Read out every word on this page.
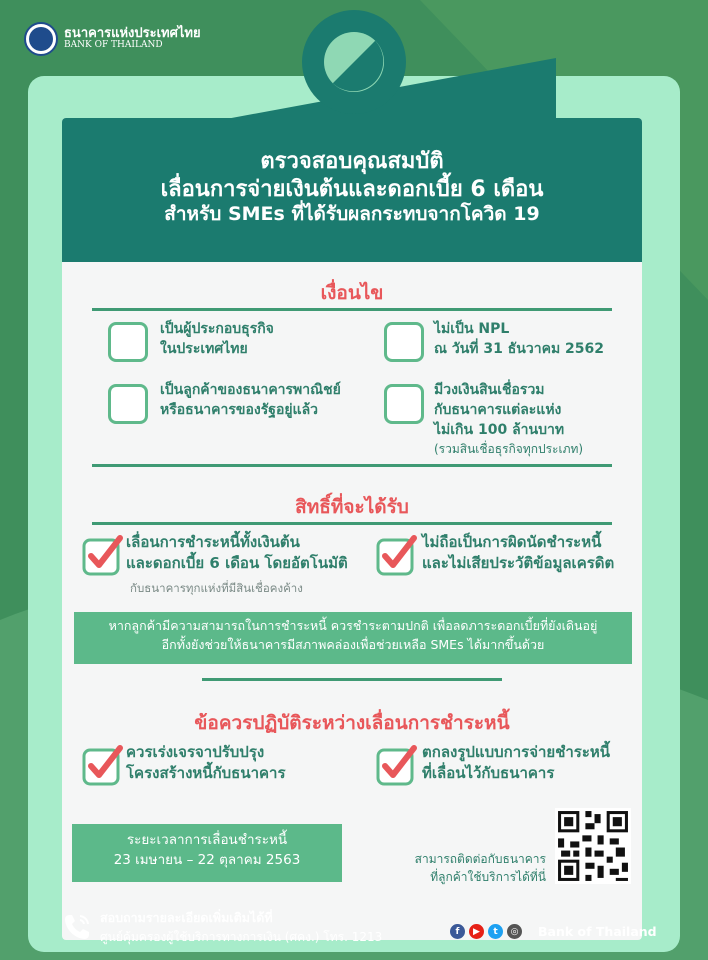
ธนาคารแห่งประเทศไทย
BANK OF THAILAND
ตรวจสอบคุณสมบัติ
เลื่อนการจ่ายเงินต้นและดอกเบี้ย 6 เดือน
สำหรับ SMEs ที่ได้รับผลกระทบจากโควิด 19
เงื่อนไข
เป็นผู้ประกอบธุรกิจ
ในประเทศไทย
ไม่เป็น NPL
ณ วันที่ 31 ธันวาคม 2562
เป็นลูกค้าของธนาคารพาณิชย์
หรือธนาคารของรัฐอยู่แล้ว
มีวงเงินสินเชื่อรวม
กับธนาคารแต่ละแห่ง
ไม่เกิน 100 ล้านบาท
(รวมสินเชื่อธุรกิจทุกประเภท)
สิทธิ์ที่จะได้รับ
เลื่อนการชำระหนี้ทั้งเงินต้น
และดอกเบี้ย 6 เดือน โดยอัตโนมัติ
กับธนาคารทุกแห่งที่มีสินเชื่อคงค้าง
ไม่ถือเป็นการผิดนัดชำระหนี้
และไม่เสียประวัติข้อมูลเครดิต
หากลูกค้ามีความสามารถในการชำระหนี้ ควรชำระตามปกติ เพื่อลดภาระดอกเบี้ยที่ยังเดินอยู่
อีกทั้งยังช่วยให้ธนาคารมีสภาพคล่องเพื่อช่วยเหลือ SMEs ได้มากขึ้นด้วย
ข้อควรปฏิบัติระหว่างเลื่อนการชำระหนี้
ควรเร่งเจรจาปรับปรุง
โครงสร้างหนี้กับธนาคาร
ตกลงรูปแบบการจ่ายชำระหนี้
ที่เลื่อนไว้กับธนาคาร
ระยะเวลาการเลื่อนชำระหนี้
23 เมษายน – 22 ตุลาคม 2563	สามารถติดต่อกับธนาคาร
ที่ลูกค้าใช้บริการได้ที่นี่
สอบถามรายละเอียดเพิ่มเติมได้ที่
ศูนย์คุ้มครองผู้ใช้บริการทางการเงิน (ศคง.) โทร. 1213	f	▶	t	◎ Bank of Thailand
